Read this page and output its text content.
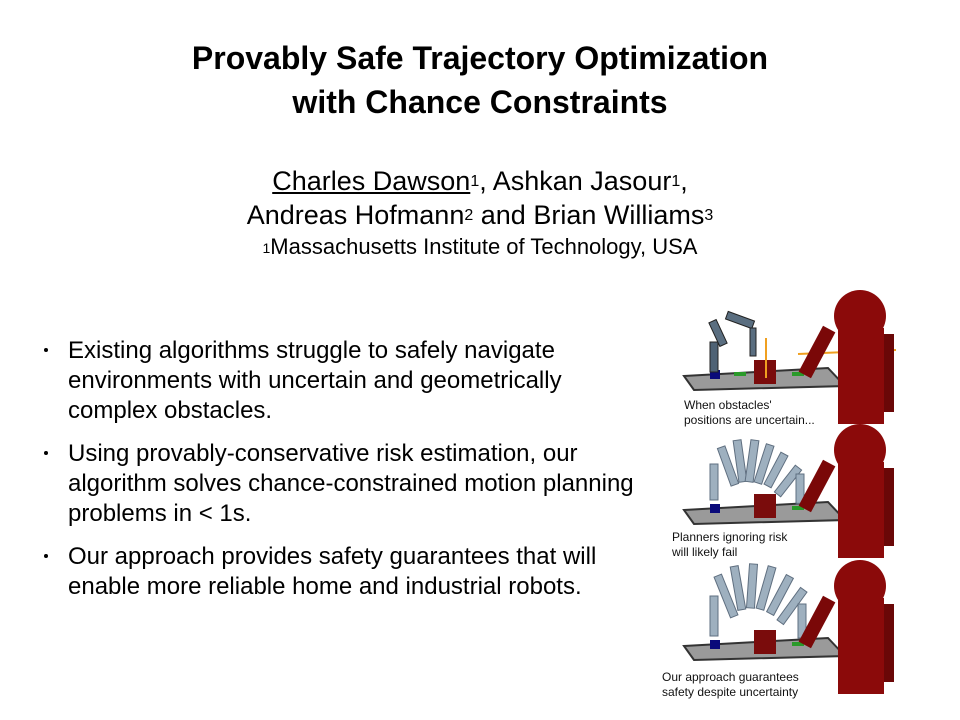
Provably Safe Trajectory Optimization
with Chance Constraints
Charles Dawson$^1$, Ashkan Jasour$^1$,
Andreas Hofmann$^2$ and Brian Williams$^3$
$^1$Massachusetts Institute of Technology, USA
Existing algorithms struggle to safely navigate environments with uncertain and geometrically complex obstacles.
Using provably-conservative risk estimation, our algorithm solves chance-constrained motion planning problems in < 1s.
Our approach provides safety guarantees that will enable more reliable home and industrial robots.
When obstacles'
positions are uncertain...
Planners ignoring risk
will likely fail
Our approach guarantees
safety despite uncertainty
